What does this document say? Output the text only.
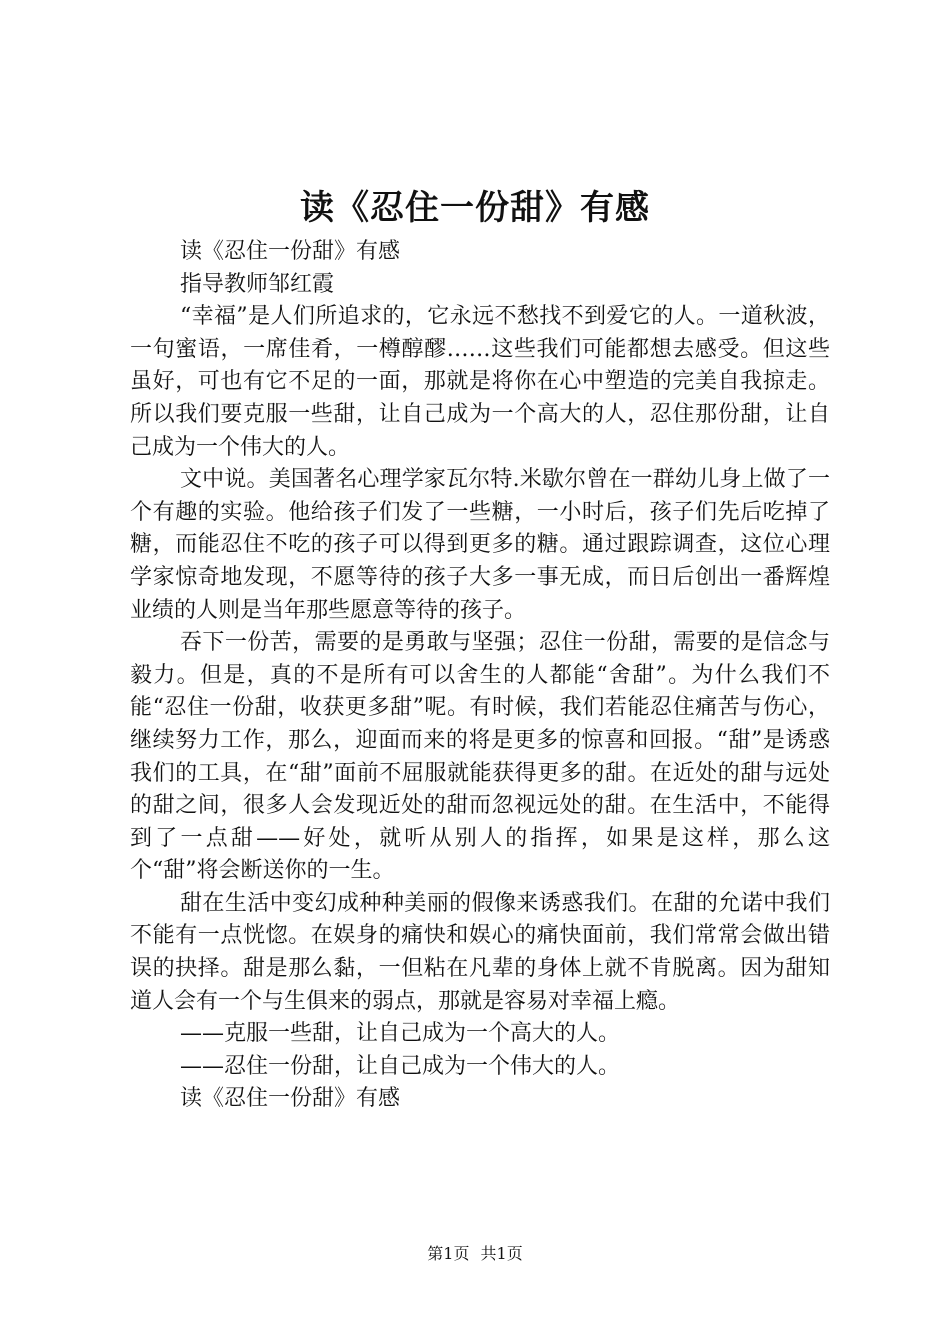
读《忍住一份甜》有感

读《忍住一份甜》有感

指导教师邹红霞

“幸福”是人们所追求的，它永远不愁找不到爱它的人。一道秋波，一句蜜语，一席佳肴，一樽醇醪……这些我们可能都想去感受。但这些虽好，可也有它不足的一面，那就是将你在心中塑造的完美自我掠走。所以我们要克服一些甜，让自己成为一个高大的人，忍住那份甜，让自己成为一个伟大的人。

文中说。美国著名心理学家瓦尔特.米歇尔曾在一群幼儿身上做了一个有趣的实验。他给孩子们发了一些糖，一小时后，孩子们先后吃掉了糖，而能忍住不吃的孩子可以得到更多的糖。通过跟踪调查，这位心理学家惊奇地发现，不愿等待的孩子大多一事无成，而日后创出一番辉煌业绩的人则是当年那些愿意等待的孩子。

吞下一份苦，需要的是勇敢与坚强；忍住一份甜，需要的是信念与毅力。但是，真的不是所有可以舍生的人都能“舍甜”。为什么我们不能“忍住一份甜，收获更多甜”呢。有时候，我们若能忍住痛苦与伤心，继续努力工作，那么，迎面而来的将是更多的惊喜和回报。“甜”是诱惑我们的工具，在“甜”面前不屈服就能获得更多的甜。在近处的甜与远处的甜之间，很多人会发现近处的甜而忽视远处的甜。在生活中，不能得到了一点甜——好处，就听从别人的指挥，如果是这样，那么这个“甜”将会断送你的一生。

甜在生活中变幻成种种美丽的假像来诱惑我们。在甜的允诺中我们不能有一点恍惚。在娱身的痛快和娱心的痛快面前，我们常常会做出错误的抉择。甜是那么黏，一但粘在凡辈的身体上就不肯脱离。因为甜知道人会有一个与生俱来的弱点，那就是容易对幸福上瘾。

——克服一些甜，让自己成为一个高大的人。

——忍住一份甜，让自己成为一个伟大的人。

读《忍住一份甜》有感

第1页 共1页
